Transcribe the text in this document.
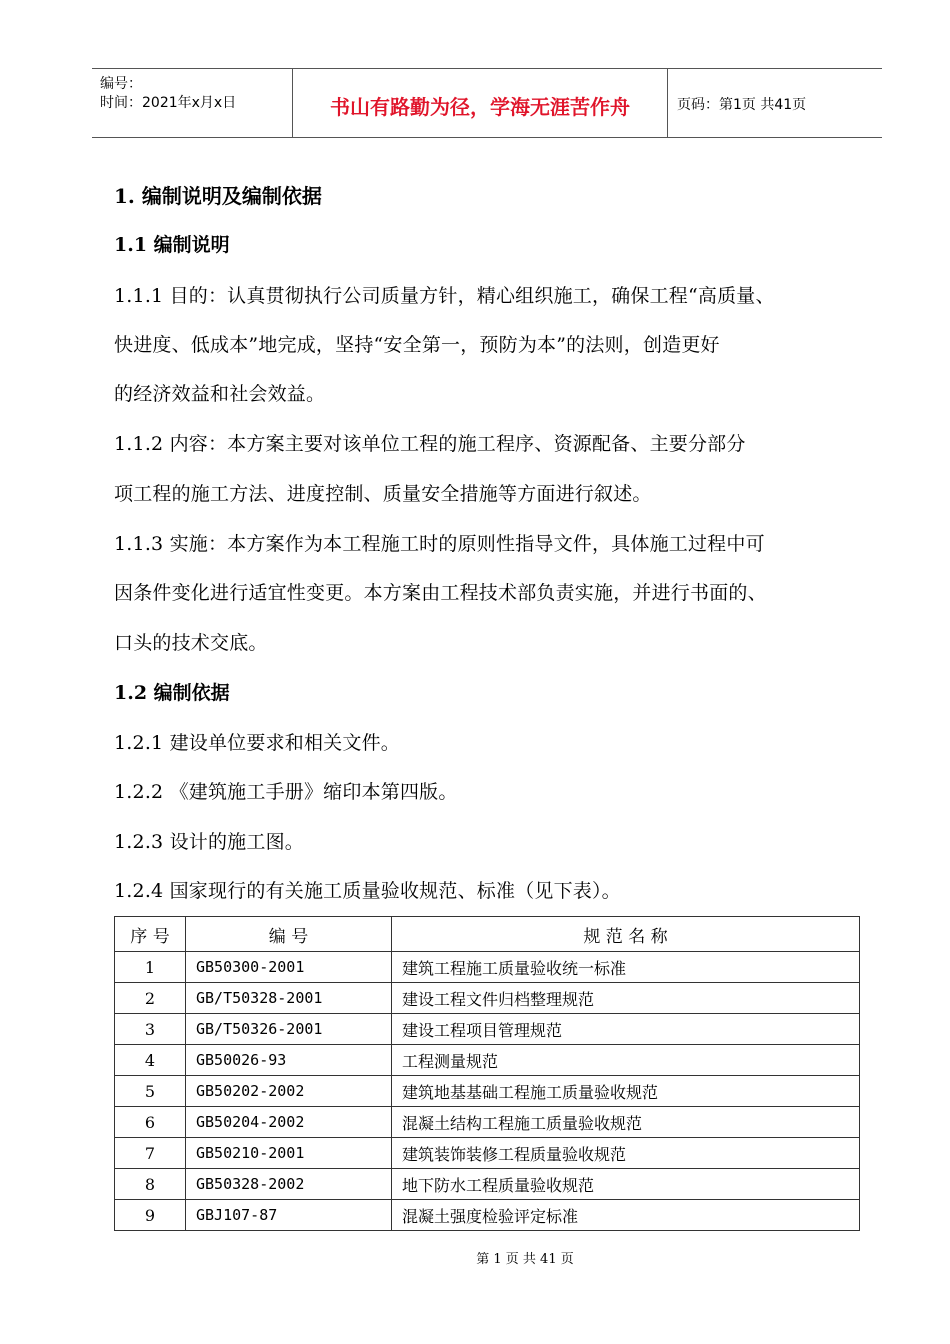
编号：
时间：2021年x月x日	书山有路勤为径，学海无涯苦作舟	页码：第1页 共41页
1. 编制说明及编制依据
1.1 编制说明
1.1.1 目的：认真贯彻执行公司质量方针，精心组织施工，确保工程“高质量、
快进度、低成本”地完成，坚持“安全第一，预防为本”的法则，创造更好
的经济效益和社会效益。
1.1.2 内容：本方案主要对该单位工程的施工程序、资源配备、主要分部分
项工程的施工方法、进度控制、质量安全措施等方面进行叙述。
1.1.3 实施：本方案作为本工程施工时的原则性指导文件，具体施工过程中可
因条件变化进行适宜性变更。本方案由工程技术部负责实施，并进行书面的、
口头的技术交底。
1.2 编制依据
1.2.1 建设单位要求和相关文件。
1.2.2 《建筑施工手册》缩印本第四版。
1.2.3 设计的施工图。
1.2.4 国家现行的有关施工质量验收规范、标准（见下表）。
序 号	编 号	规 范 名 称
1	GB50300-2001	建筑工程施工质量验收统一标准
2	GB/T50328-2001	建设工程文件归档整理规范
3	GB/T50326-2001	建设工程项目管理规范
4	GB50026-93	工程测量规范
5	GB50202-2002	建筑地基基础工程施工质量验收规范
6	GB50204-2002	混凝土结构工程施工质量验收规范
7	GB50210-2001	建筑装饰装修工程质量验收规范
8	GB50328-2002	地下防水工程质量验收规范
9	GBJ107-87	混凝土强度检验评定标准
第 1 页 共 41 页
